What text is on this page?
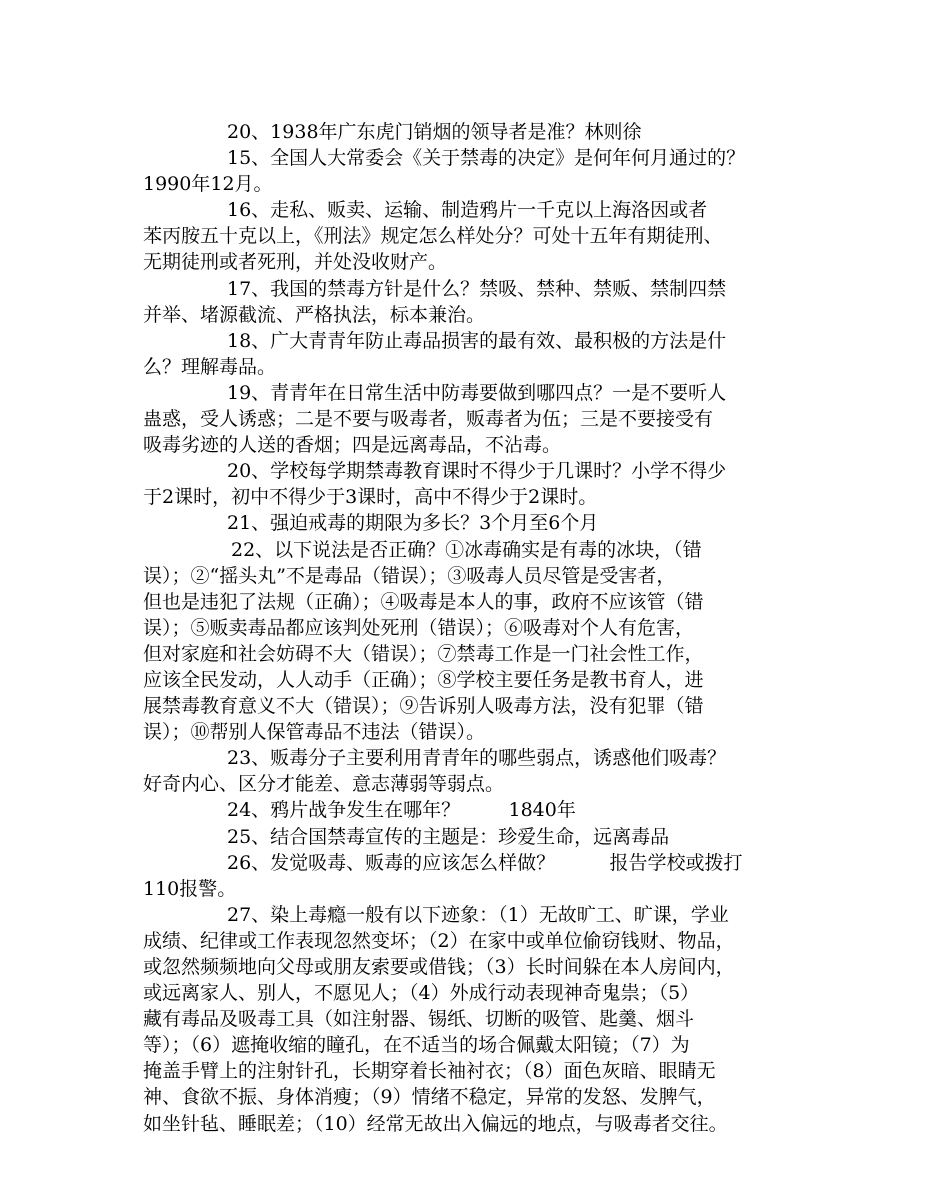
20、1938年广东虎门销烟的领导者是准？林则徐
15、全国人大常委会《关于禁毒的决定》是何年何月通过的？
1990年12月。
16、走私、贩卖、运输、制造鸦片一千克以上海洛因或者
苯丙胺五十克以上，《刑法》规定怎么样处分？可处十五年有期徒刑、
无期徒刑或者死刑，并处没收财产。
17、我国的禁毒方针是什么？禁吸、禁种、禁贩、禁制四禁
并举、堵源截流、严格执法，标本兼治。
18、广大青青年防止毒品损害的最有效、最积极的方法是什
么？理解毒品。
19、青青年在日常生活中防毒要做到哪四点？一是不要听人
蛊惑，受人诱惑；二是不要与吸毒者，贩毒者为伍；三是不要接受有
吸毒劣迹的人送的香烟；四是远离毒品，不沾毒。
20、学校每学期禁毒教育课时不得少于几课时？小学不得少
于2课时，初中不得少于3课时，高中不得少于2课时。
21、强迫戒毒的期限为多长？3个月至6个月
22、以下说法是否正确？①冰毒确实是有毒的冰块，（错
误）；②“摇头丸”不是毒品（错误）；③吸毒人员尽管是受害者，
但也是违犯了法规（正确）；④吸毒是本人的事，政府不应该管（错
误）；⑤贩卖毒品都应该判处死刑（错误）；⑥吸毒对个人有危害，
但对家庭和社会妨碍不大（错误）；⑦禁毒工作是一门社会性工作，
应该全民发动，人人动手（正确）；⑧学校主要任务是教书育人，进
展禁毒教育意义不大（错误）；⑨告诉别人吸毒方法，没有犯罪（错
误）；⑩帮别人保管毒品不违法（错误）。
23、贩毒分子主要利用青青年的哪些弱点，诱惑他们吸毒？
好奇内心、区分才能差、意志薄弱等弱点。
24、鸦片战争发生在哪年？        1840年
25、结合国禁毒宣传的主题是：珍爱生命，远离毒品
26、发觉吸毒、贩毒的应该怎么样做？         报告学校或拨打
110报警。
27、染上毒瘾一般有以下迹象：（1）无故旷工、旷课，学业
成绩、纪律或工作表现忽然变坏；（2）在家中或单位偷窃钱财、物品，
或忽然频频地向父母或朋友索要或借钱；（3）长时间躲在本人房间内，
或远离家人、别人，不愿见人；（4）外成行动表现神奇鬼祟；（5）
藏有毒品及吸毒工具（如注射器、锡纸、切断的吸管、匙羹、烟斗
等）；（6）遮掩收缩的瞳孔，在不适当的场合佩戴太阳镜；（7）为
掩盖手臂上的注射针孔，长期穿着长袖衬衣；（8）面色灰暗、眼睛无
神、食欲不振、身体消瘦；（9）情绪不稳定，异常的发怒、发脾气，
如坐针毡、睡眠差；（10）经常无故出入偏远的地点，与吸毒者交往。
